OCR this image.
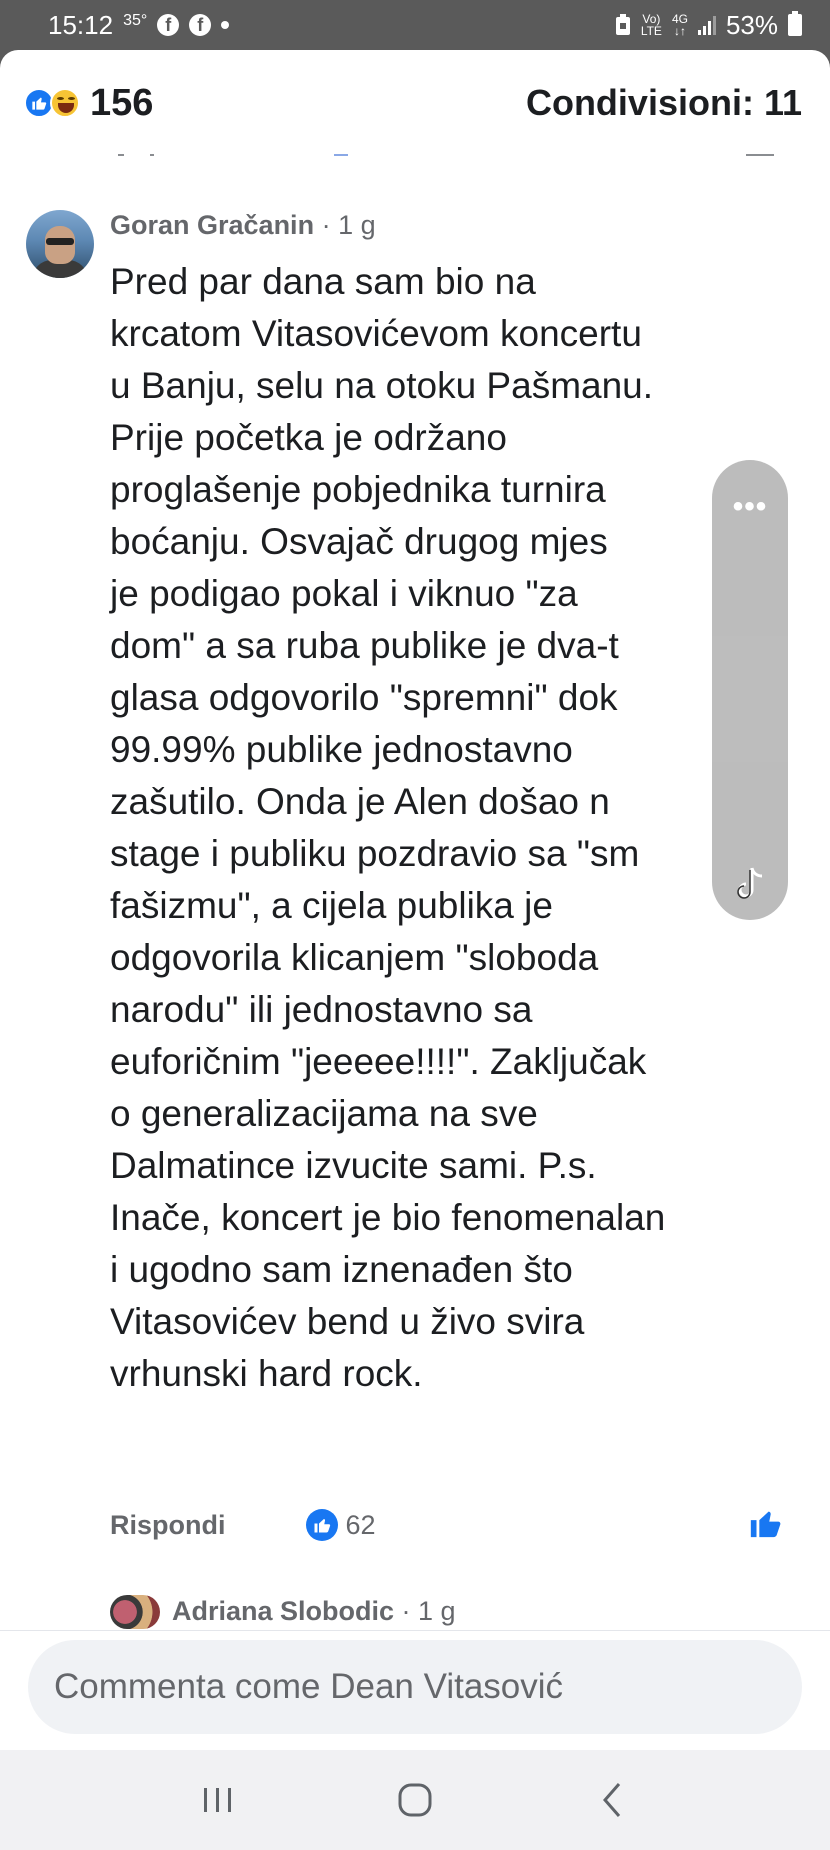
15:12 35°	f	f	Vo)
LTE
4G
↓↑ 53%
156	Condivisioni: 11
Goran Gračanin · 1 g
Pred par dana sam bio na
krcatom Vitasovićevom koncertu
u Banju, selu na otoku Pašmanu.
Prije početka je održano
proglašenje pobjednika turnira
boćanju. Osvajač drugog mjes
je podigao pokal i viknuo "za
dom" a sa ruba publike je dva-t
glasa odgovorilo "spremni" dok
99.99% publike jednostavno
zašutilo. Onda je Alen došao n
stage i publiku pozdravio sa "sm
fašizmu", a cijela publika je
odgovorila klicanjem "sloboda
narodu" ili jednostavno sa
euforičnim "jeeeee!!!!". Zaključak
o generalizacijama na sve
Dalmatince izvucite sami. P.s.
Inače, koncert je bio fenomenalan
i ugodno sam iznenađen što
Vitasovićev bend u živo svira
vrhunski hard rock.
Rispondi	62
Adriana Slobodic · 1 g
Commenta come Dean Vitasović
•••
